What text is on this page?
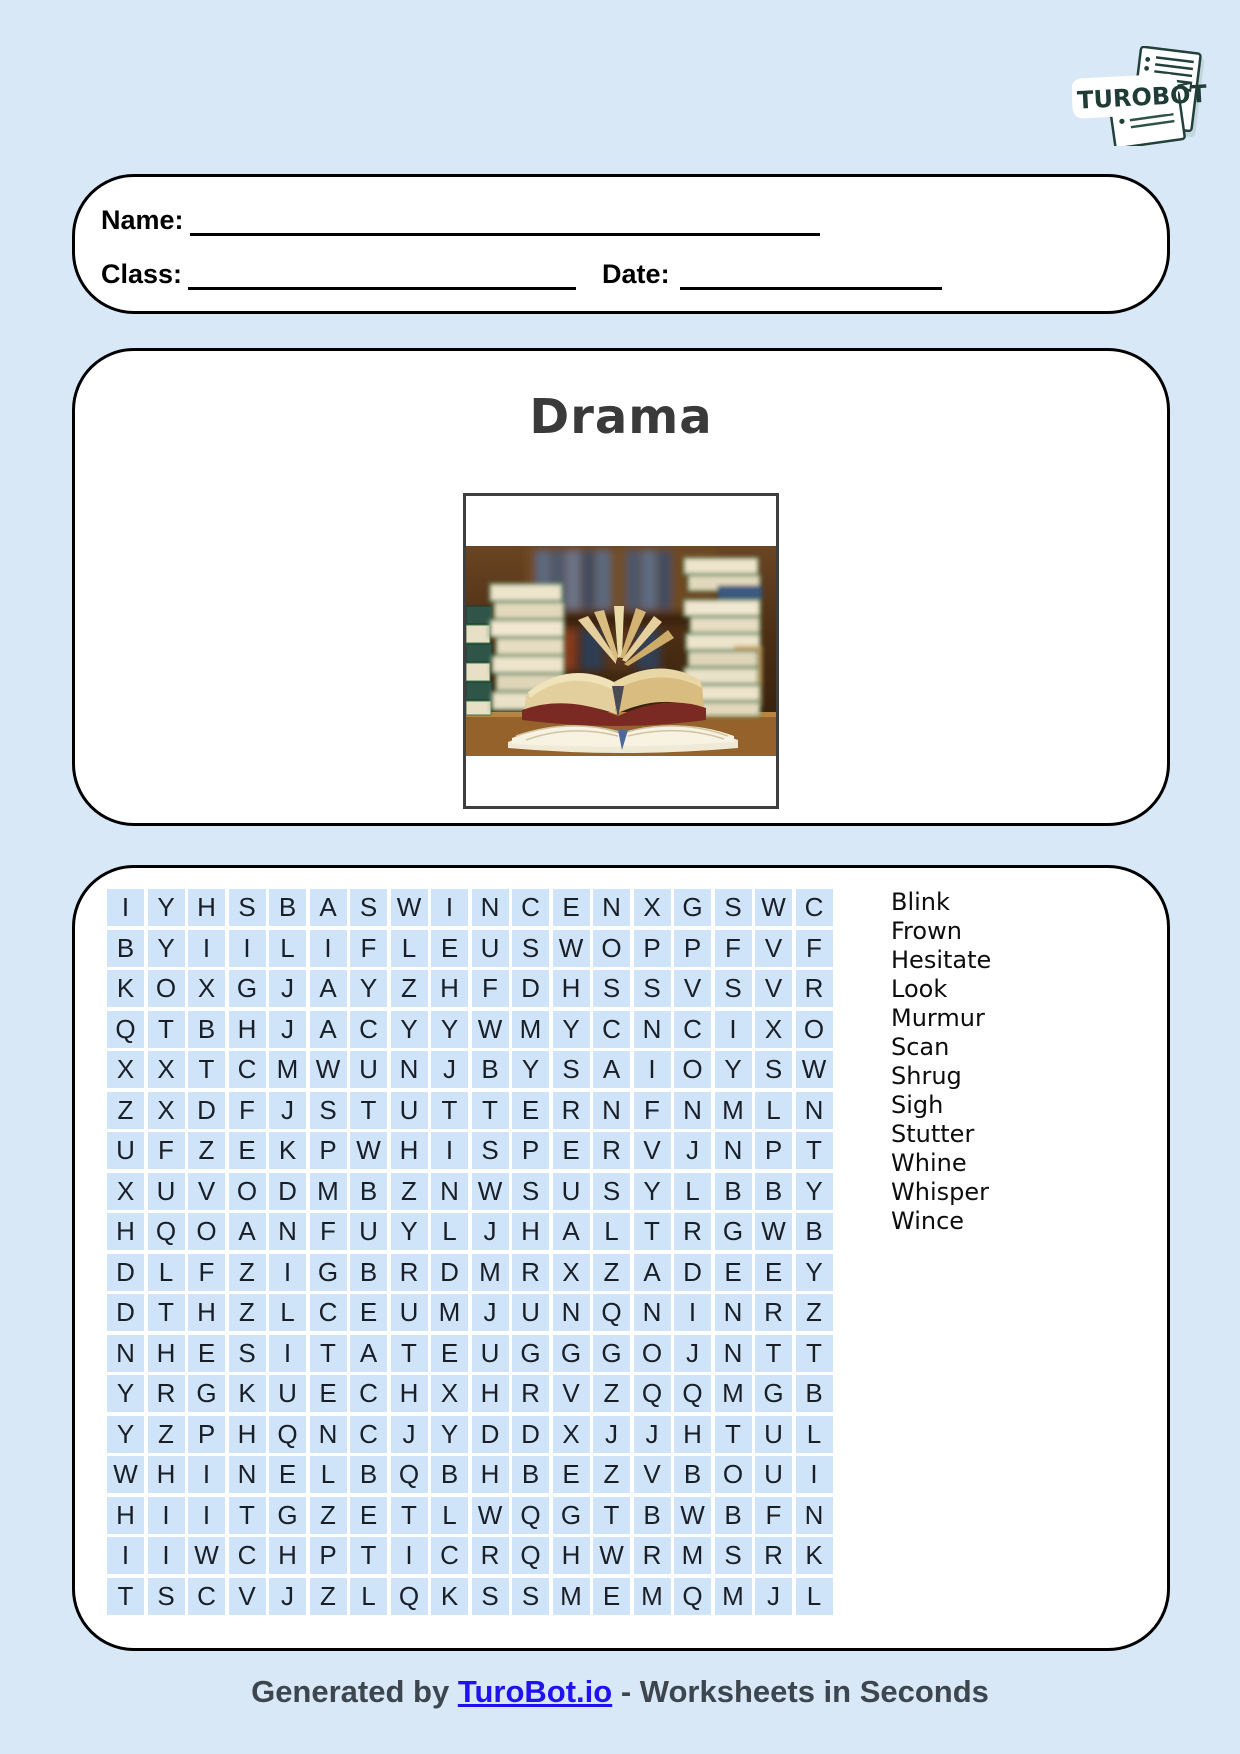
TUROBOT
Name:
Class:	Date:
Drama
I	Y H S B A S W I	N C E N X G S W C
B Y	I	I	L	I	F L E U S W O P P F V F
K O X G J A Y Z H F D H S S V S V R
Q T B H J A C Y Y W M Y C N C	I	X O
X X T C M W U N J B Y S A	I	O Y S W
Z X D F	J S T U T T E R N F N M L N
U F Z E K P W H	I	S P E R V J N P T
X U V O D M B Z N W S U S Y L B B Y
H Q O A N F U Y L	J H A L T R G W B
D L F Z	I	G B R D M R X Z A D E E Y
D T H Z L C E U M J U N Q N	I	N R Z
N H E S	I	T A T E U G G G O J N T T
Y R G K U E C H X H R V Z Q Q M G B
Y Z P H Q N C J Y D D X J	J H T U L
W H	I	N E L B Q B H B E Z V B O U	I
H	I	I	T G Z E T L W Q G T B W B F N
I	I W C H P T	I	C R Q H W R M S R K
T S C V J	Z L Q K S S M E M Q M J	L
Blink
Frown
Hesitate
Look
Murmur
Scan
Shrug
Sigh
Stutter
Whine
Whisper
Wince
Generated by TuroBot.io - Worksheets in Seconds
